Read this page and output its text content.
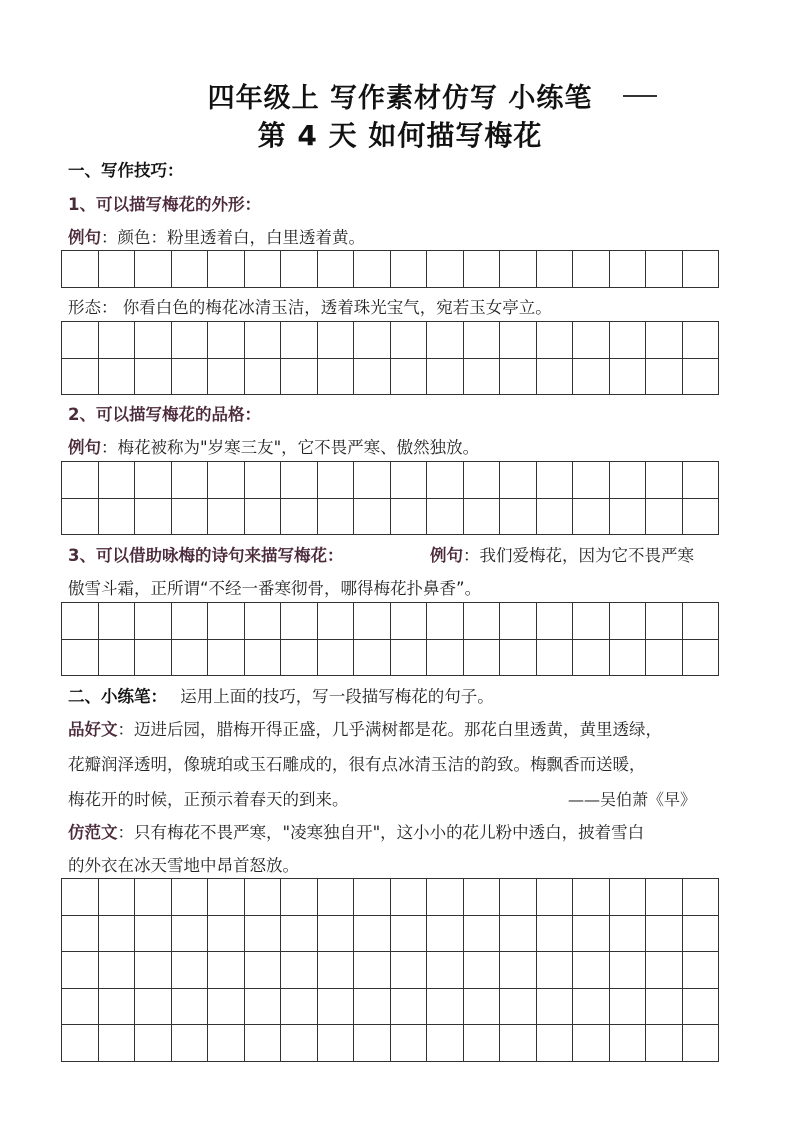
四年级上 写作素材仿写 小练笔
第 4 天 如何描写梅花
一、写作技巧：
1、可以描写梅花的外形：
例句：颜色：粉里透着白，白里透着黄。
形态： 你看白色的梅花冰清玉洁，透着珠光宝气，宛若玉女亭立。
2、可以描写梅花的品格：
例句：梅花被称为"岁寒三友"，它不畏严寒、傲然独放。
3、可以借助咏梅的诗句来描写梅花：	例句：我们爱梅花，因为它不畏严寒
傲雪斗霜，正所谓“不经一番寒彻骨，哪得梅花扑鼻香”。
二、小练笔： 运用上面的技巧，写一段描写梅花的句子。
品好文：迈进后园，腊梅开得正盛，几乎满树都是花。那花白里透黄，黄里透绿，
花瓣润泽透明，像琥珀或玉石雕成的，很有点冰清玉洁的韵致。梅飘香而送暖，
梅花开的时候，正预示着春天的到来。	——吴伯萧《早》
仿范文：只有梅花不畏严寒，"凌寒独自开"，这小小的花儿粉中透白，披着雪白
的外衣在冰天雪地中昂首怒放。
